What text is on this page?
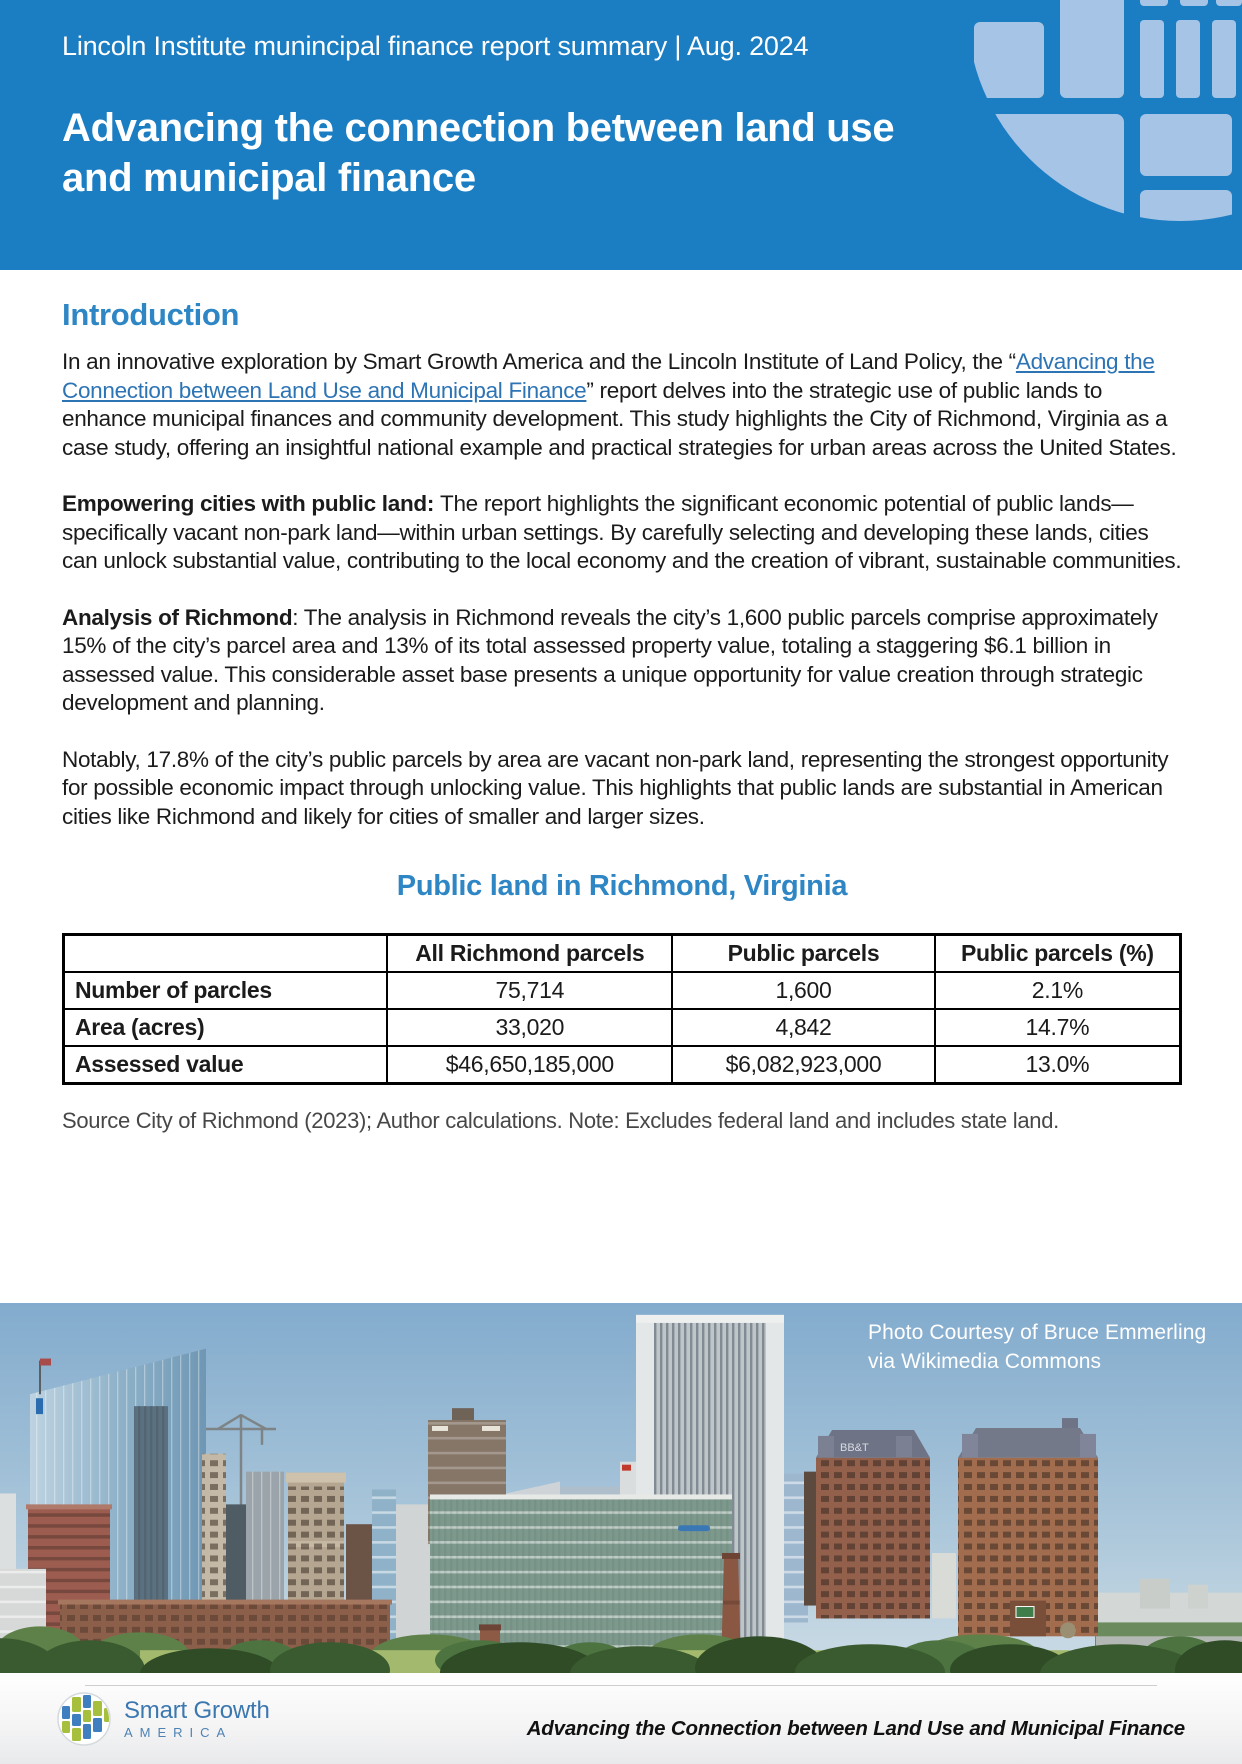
Lincoln Institute munincipal finance report summary | Aug. 2024
Advancing the connection between land use
and municipal finance
Introduction

In an innovative exploration by Smart Growth America and the Lincoln Institute of Land Policy, the “Advancing the Connection between Land Use and Municipal Finance” report delves into the strategic use of public lands to enhance municipal finances and community development. This study highlights the City of Richmond, Virginia as a case study, offering an insightful national example and practical strategies for urban areas across the United States.

Empowering cities with public land: The report highlights the significant economic potential of public lands—specifically vacant non-park land—within urban settings. By carefully selecting and developing these lands, cities can unlock substantial value, contributing to the local economy and the creation of vibrant, sustainable communities.

Analysis of Richmond: The analysis in Richmond reveals the city’s 1,600 public parcels comprise approximately 15% of the city’s parcel area and 13% of its total assessed property value, totaling a staggering $6.1 billion in assessed value. This considerable asset base presents a unique opportunity for value creation through strategic development and planning.

Notably, 17.8% of the city’s public parcels by area are vacant non-park land, representing the strongest opportunity for possible economic impact through unlocking value. This highlights that public lands are substantial in American cities like Richmond and likely for cities of smaller and larger sizes.

Public land in Richmond, Virginia
	All Richmond parcels	Public parcels	Public parcels (%)
Number of parcles	75,714	1,600	2.1%
Area (acres)	33,020	4,842	14.7%
Assessed value	$46,650,185,000	$6,082,923,000	13.0%

Source City of Richmond (2023); Author calculations. Note: Excludes federal land and includes state land.

BB&T
Photo Courtesy of Bruce Emmerling
via Wikimedia Commons
Smart Growth
AMERICA	Advancing the Connection between Land Use and Municipal Finance
